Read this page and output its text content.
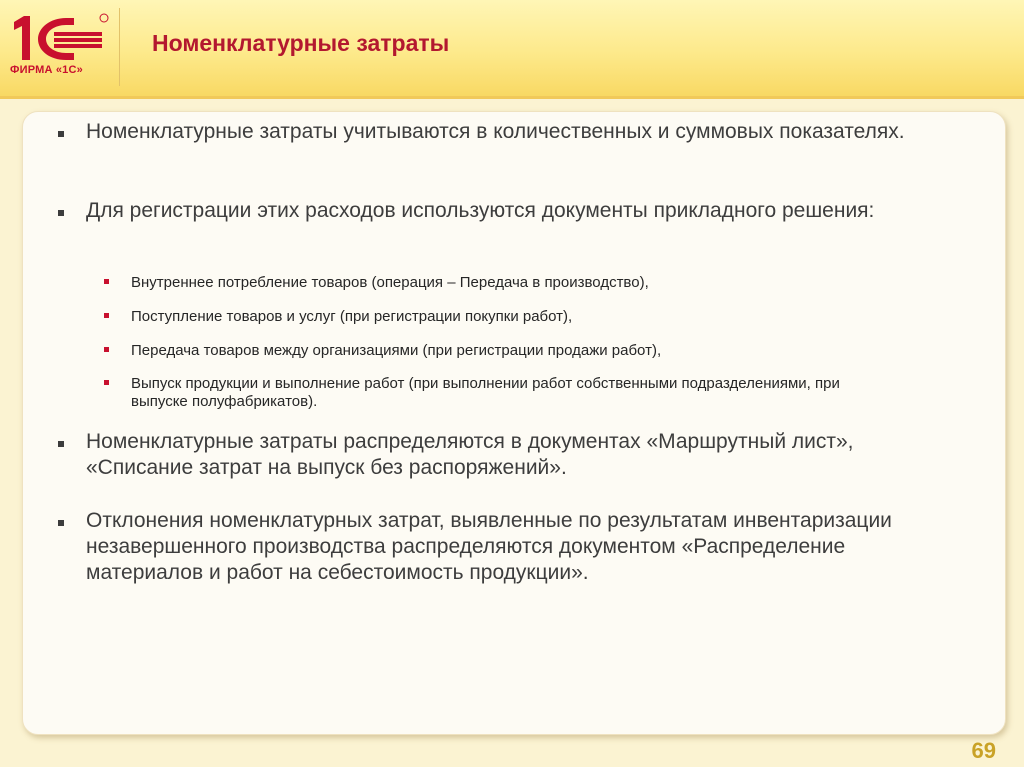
ФИРМА «1С»
Номенклатурные затраты
Номенклатурные затраты учитываются в количественных и суммовых показателях.
Для регистрации этих расходов используются документы прикладного решения:
Внутреннее потребление товаров (операция – Передача в производство),
Поступление товаров и услуг (при регистрации покупки работ),
Передача товаров между организациями (при регистрации продажи работ),
Выпуск продукции и выполнение работ (при выполнении работ собственными подразделениями, при выпуске полуфабрикатов).
Номенклатурные затраты распределяются в документах «Маршрутный лист», «Списание затрат на выпуск без распоряжений».
Отклонения номенклатурных затрат, выявленные по результатам инвентаризации незавершенного производства распределяются документом «Распределение материалов и работ на себестоимость продукции».
69
